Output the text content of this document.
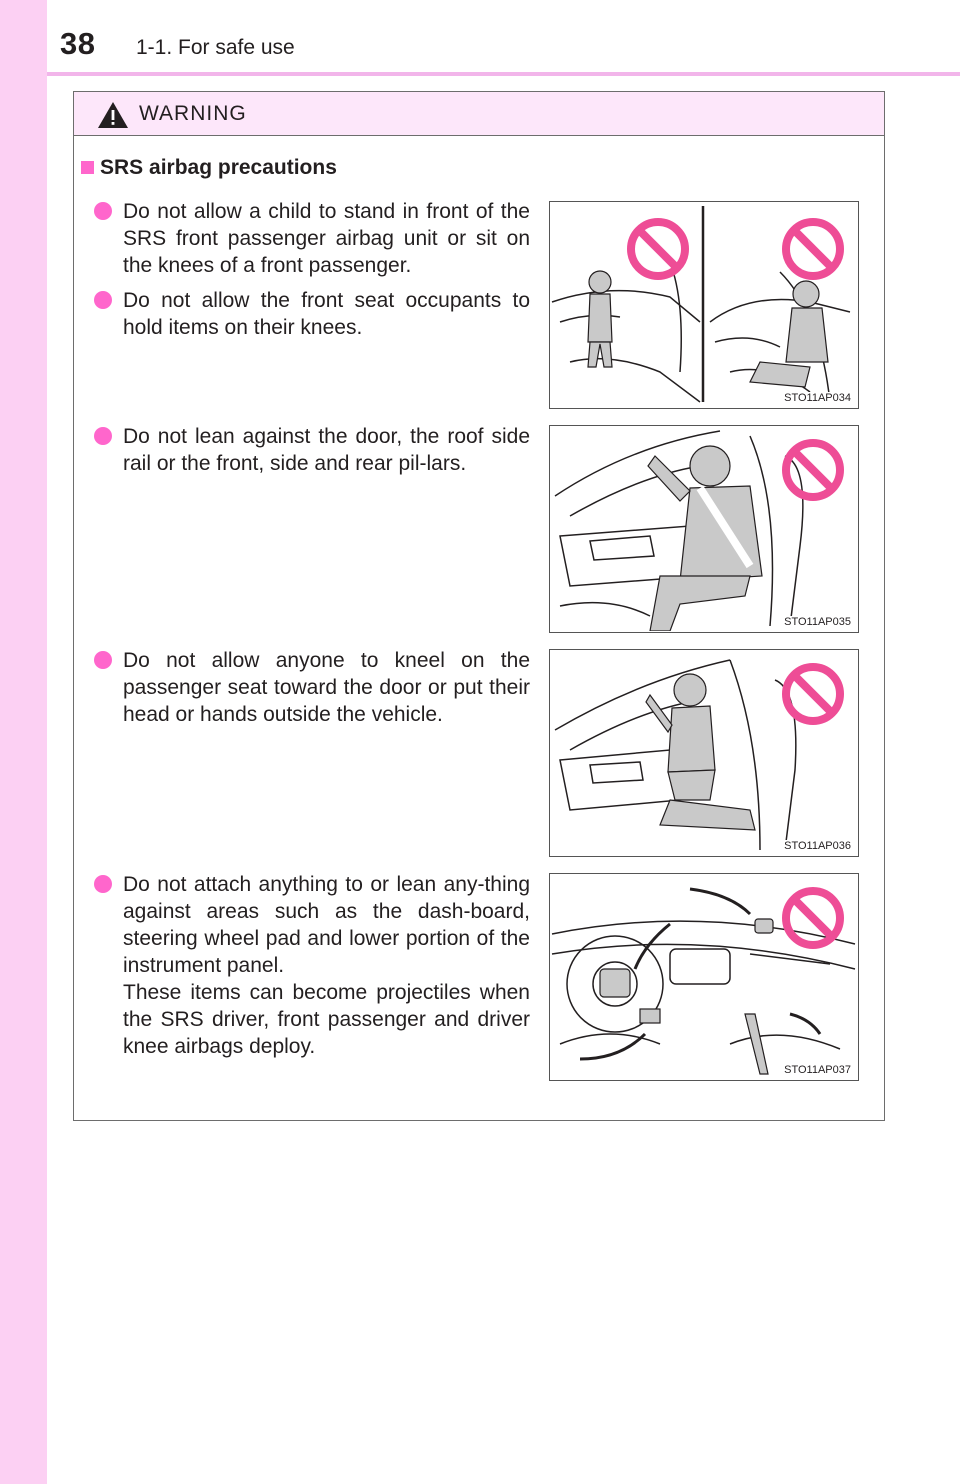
38 1-1. For safe use
WARNING
SRS airbag precautions

Do not allow a child to stand in front of the SRS front passenger airbag unit or sit on the knees of a front passenger.

Do not allow the front seat occupants to hold items on their knees.

Do not lean against the door, the roof side rail or the front, side and rear pil-lars.

Do not allow anyone to kneel on the passenger seat toward the door or put their head or hands outside the vehicle.

Do not attach anything to or lean any-thing against areas such as the dash-board, steering wheel pad and lower portion of the instrument panel.

These items can become projectiles when the SRS driver, front passenger and driver knee airbags deploy.

STO11AP034
STO11AP035
STO11AP036
STO11AP037
